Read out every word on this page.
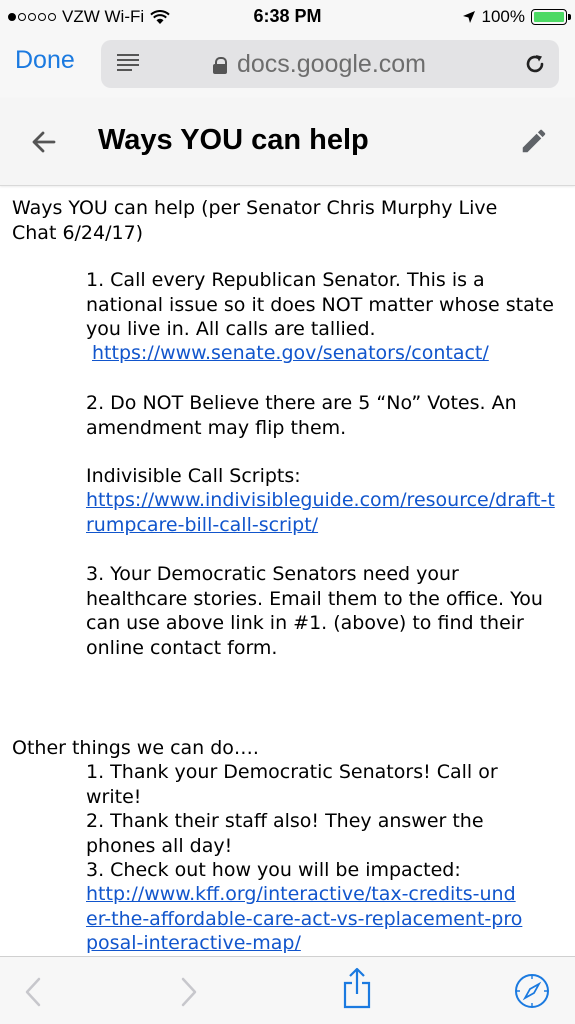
VZW Wi-Fi	6:38 PM	100%
Done	docs.google.com
Ways YOU can help
Ways YOU can help (per Senator Chris Murphy Live Chat 6/24/17)
1. Call every Republican Senator. This is a national issue so it does NOT matter whose state you live in. All calls are tallied.
https://www.senate.gov/senators/contact/
2. Do NOT Believe there are 5 “No” Votes. An amendment may flip them.
Indivisible Call Scripts:
https://www.indivisibleguide.com/resource/draft-trumpcare-bill-call-script/
3. Your Democratic Senators need your healthcare stories. Email them to the office. You can use above link in #1. (above) to find their online contact form.
Other things we can do….
1. Thank your Democratic Senators! Call or write!
2. Thank their staff also! They answer the phones all day!
3. Check out how you will be impacted:
http://www.kff.org/interactive/tax-credits-under-the-affordable-care-act-vs-replacement-proposal-interactive-map/
